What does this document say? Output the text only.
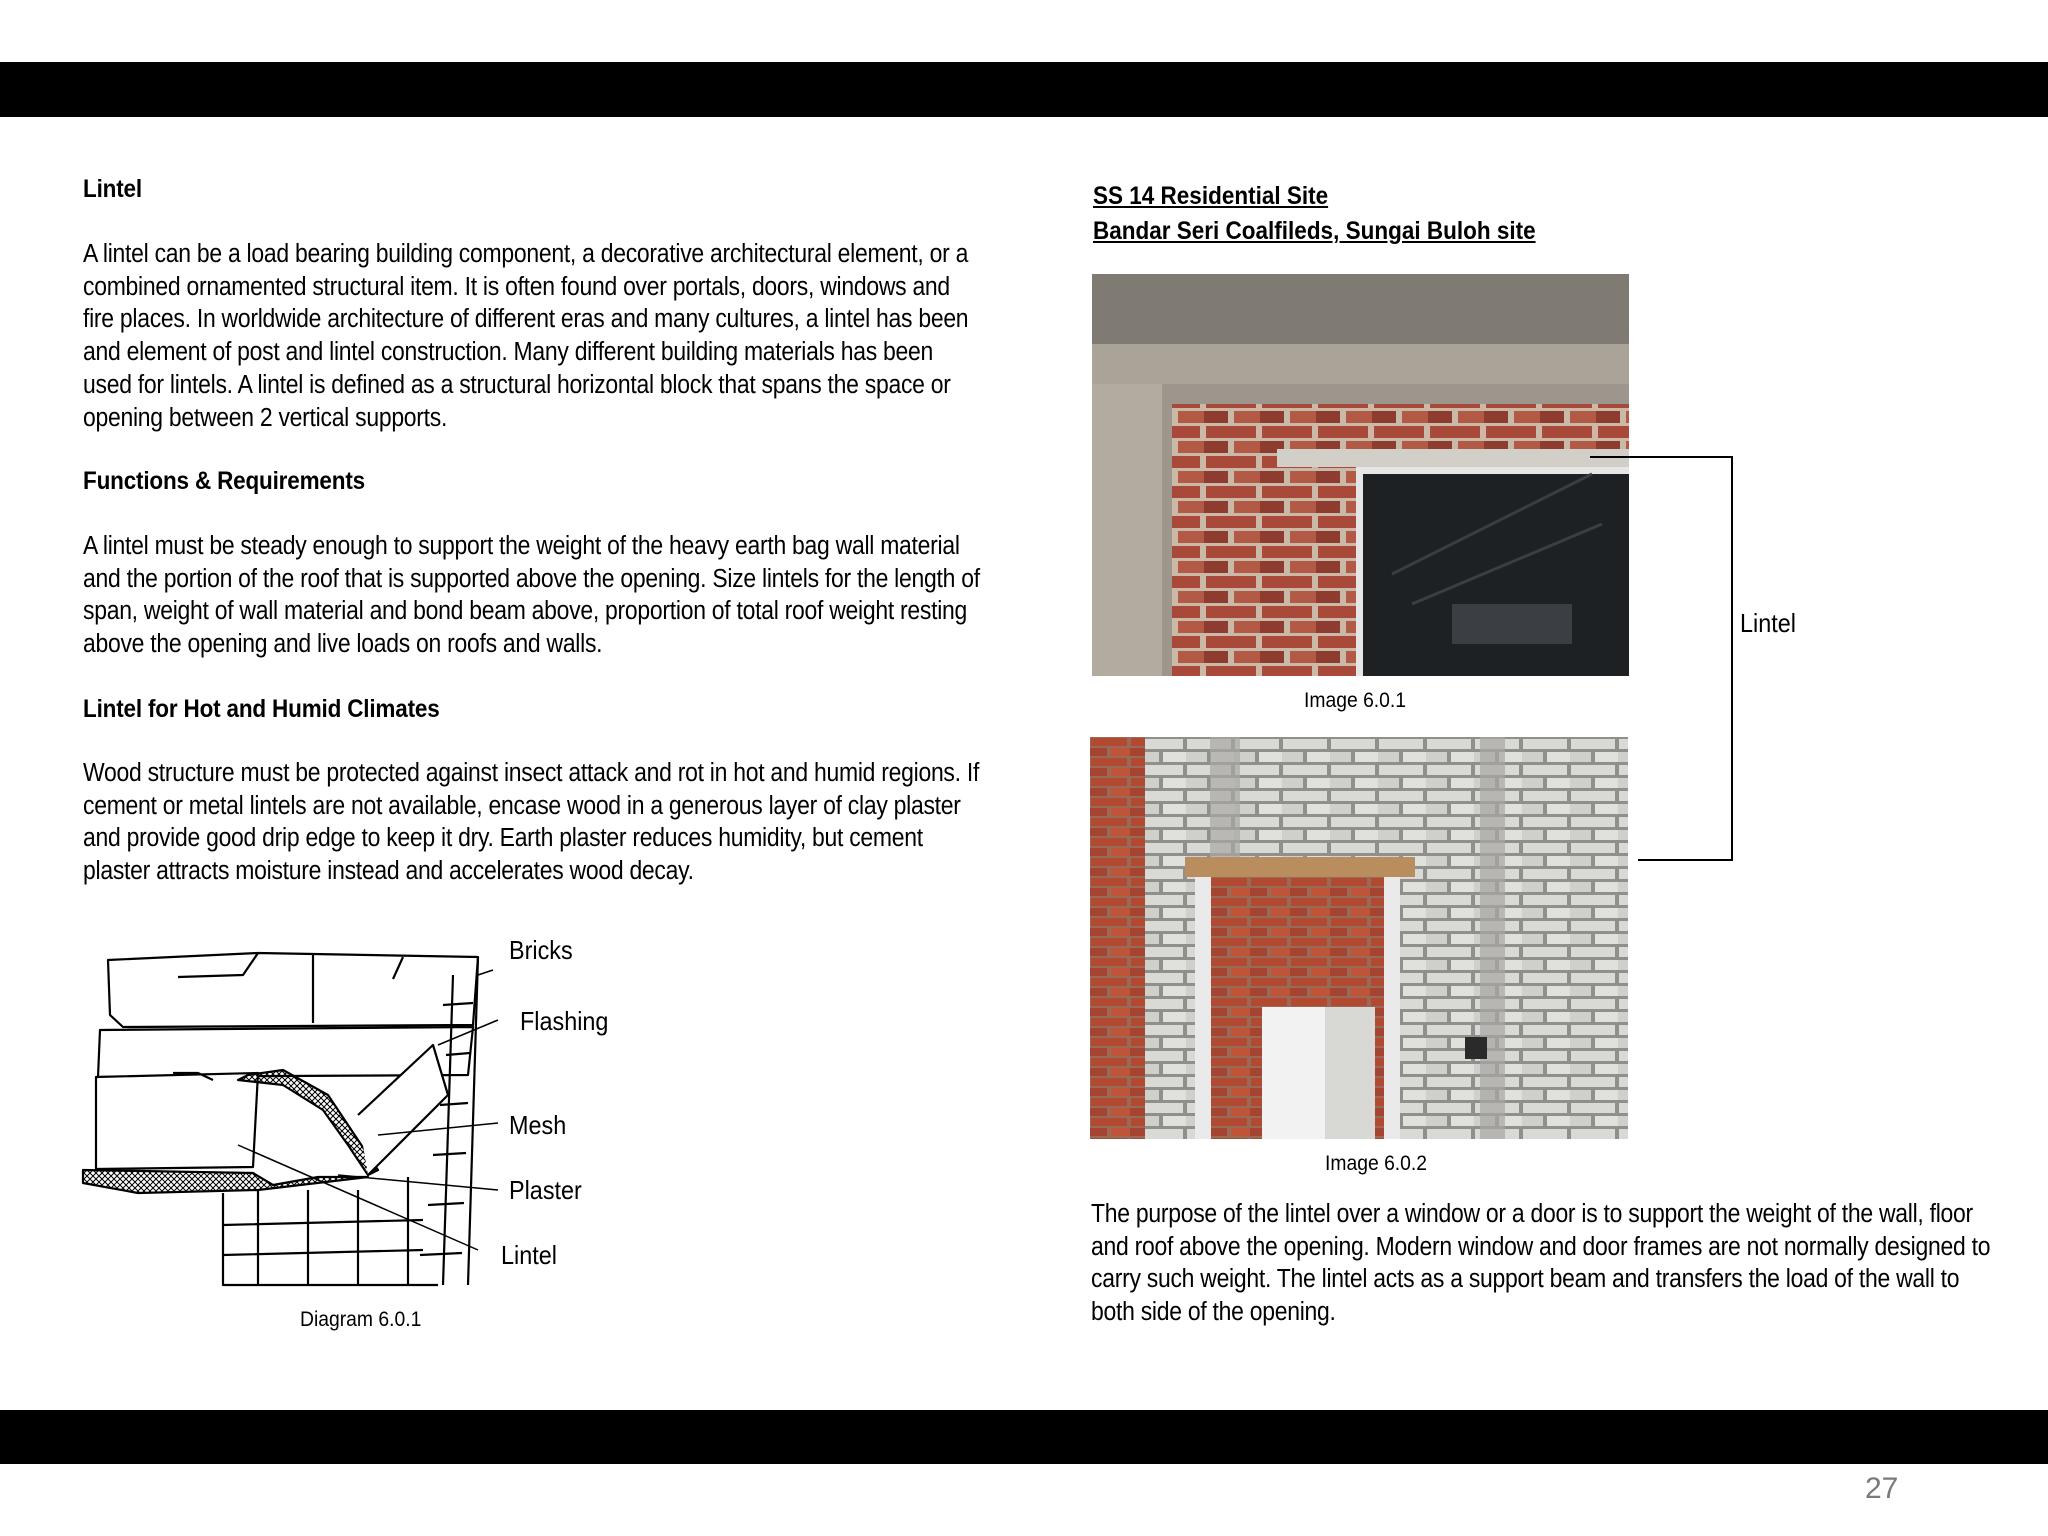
Lintel

A lintel can be a load bearing building component, a decorative architectural element, or a combined ornamented structural item. It is often found over portals, doors, windows and fire places. In worldwide architecture of different eras and many cultures, a lintel has been and element of post and lintel construction. Many different building materials has been used for lintels. A lintel is defined as a structural horizontal block that spans the space or opening between 2 vertical supports.

Functions & Requirements

A lintel must be steady enough to support the weight of the heavy earth bag wall material and the portion of the roof that is supported above the opening. Size lintels for the length of span, weight of wall material and bond beam above, proportion of total roof weight resting above the opening and live loads on roofs and walls.

Lintel for Hot and Humid Climates

Wood structure must be protected against insect attack and rot in hot and humid regions. If cement or metal lintels are not available, encase wood in a generous layer of clay plaster and provide good drip edge to keep it dry. Earth plaster reduces humidity, but cement plaster attracts moisture instead and accelerates wood decay.

Bricks
Flashing
Mesh
Plaster
Lintel
Diagram 6.0.1
SS 14 Residential Site
Bandar Seri Coalfileds, Sungai Buloh site
Image 6.0.1
Image 6.0.2
Lintel

The purpose of the lintel over a window or a door is to support the weight of the wall, floor and roof above the opening. Modern window and door frames are not normally designed to carry such weight. The lintel acts as a support beam and transfers the load of the wall to both side of the opening.

27
